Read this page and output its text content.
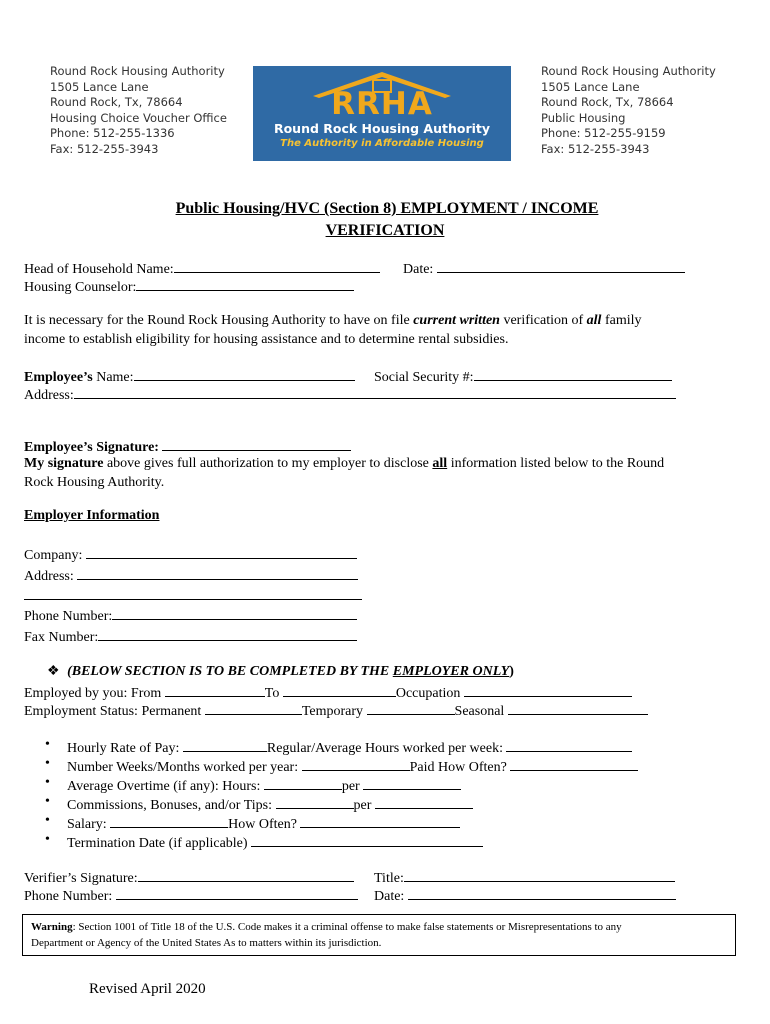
Round Rock Housing Authority
1505 Lance Lane
Round Rock, Tx, 78664
Housing Choice Voucher Office
Phone: 512-255-1336
Fax: 512-255-3943
Round Rock Housing Authority
1505 Lance Lane
Round Rock, Tx, 78664
Public Housing
Phone: 512-255-9159
Fax: 512-255-3943
RRHA
Round Rock Housing Authority
The Authority in Affordable Housing
Public Housing/HVC (Section 8) EMPLOYMENT / INCOME
VERIFICATION
Head of Household Name:	Date:
Housing Counselor:
It is necessary for the Round Rock Housing Authority to have on file current written verification of all family
income to establish eligibility for housing assistance and to determine rental subsidies.
Employee’s Name:	Social Security #:
Address:
Employee’s Signature:
My signature above gives full authorization to my employer to disclose all information listed below to the Round
Rock Housing Authority.
Employer Information
Company:
Address:
Phone Number:
Fax Number:
❖ (BELOW SECTION IS TO BE COMPLETED BY THE EMPLOYER ONLY)
Employed by you: From	To	Occupation
Employment Status: Permanent	Temporary	Seasonal
• Hourly Rate of Pay:	Regular/Average Hours worked per week:
• Number Weeks/Months worked per year:	Paid How Often?
• Average Overtime (if any): Hours:	per
• Commissions, Bonuses, and/or Tips:	per
• Salary:	How Often?
• Termination Date (if applicable)
Verifier’s Signature:	Title:
Phone Number:	Date:
Warning: Section 1001 of Title 18 of the U.S. Code makes it a criminal offense to make false statements or Misrepresentations to any
Department or Agency of the United States As to matters within its jurisdiction.
Revised April 2020
